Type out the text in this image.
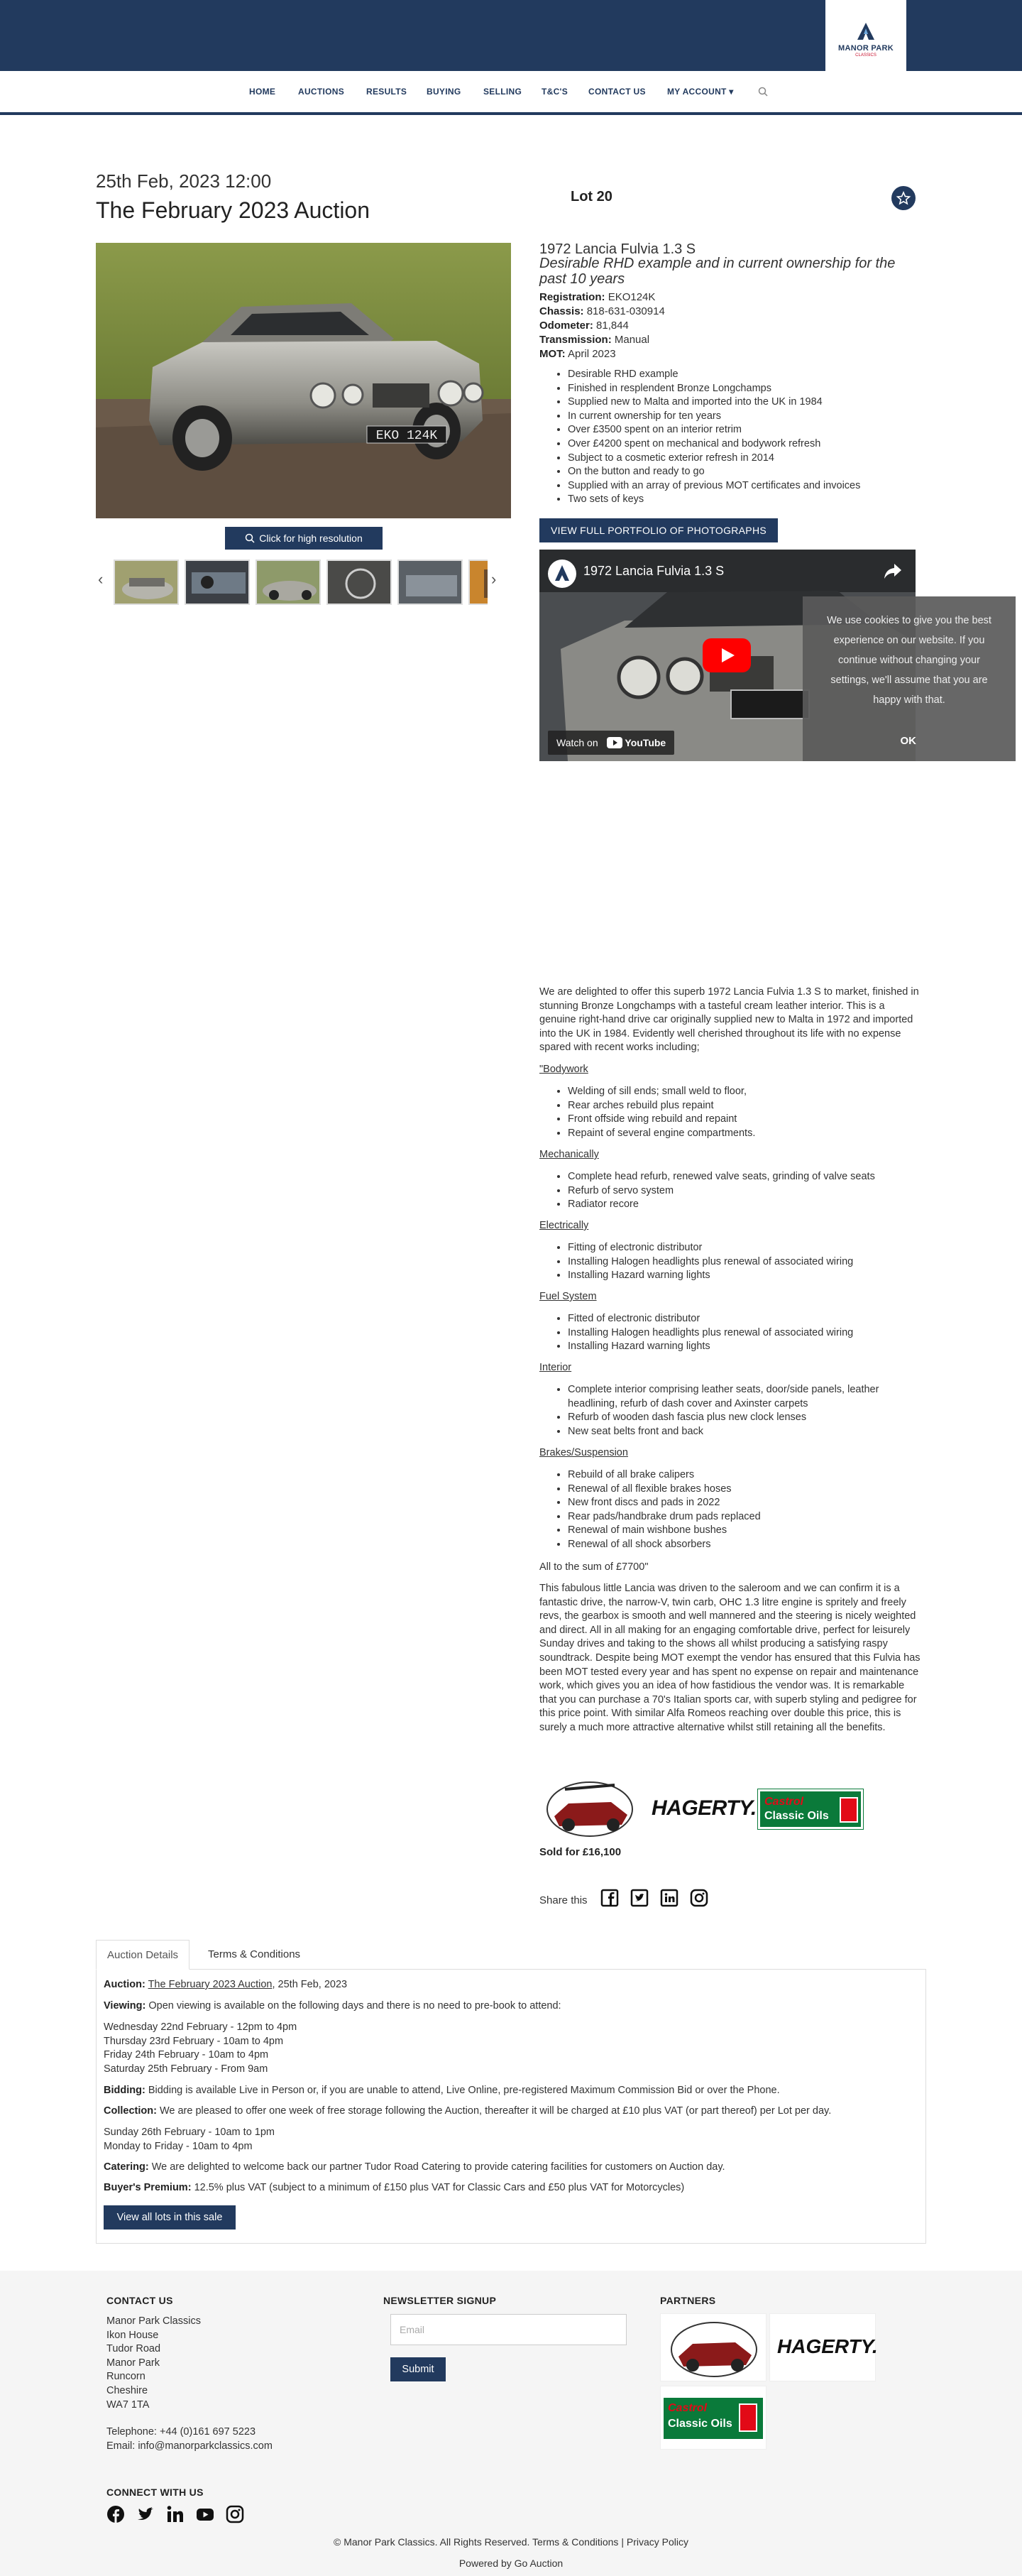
MANOR PARK
CLASSICS
HOME	AUCTIONS	RESULTS BUYING	SELLING T&C'S CONTACT US	MY ACCOUNT ▾
25th Feb, 2023 12:00
The February 2023 Auction
Lot 20
EKO 124K
Click for high resolution
‹	›
1972 Lancia Fulvia 1.3 S
Desirable RHD example and in current ownership for the past 10 years
Registration: EKO124K
Chassis: 818-631-030914
Odometer: 81,844
Transmission: Manual
MOT: April 2023
• Desirable RHD example
• Finished in resplendent Bronze Longchamps
• Supplied new to Malta and imported into the UK in 1984
• In current ownership for ten years
• Over £3500 spent on an interior retrim
• Over £4200 spent on mechanical and bodywork refresh
• Subject to a cosmetic exterior refresh in 2014
• On the button and ready to go
• Supplied with an array of previous MOT certificates and invoices
• Two sets of keys
VIEW FULL PORTFOLIO OF PHOTOGRAPHS
1972 Lancia Fulvia 1.3 S
Watch on	YouTube
We use cookies to give you the best experience on our website. If you continue without changing your settings, we'll assume that you are happy with that.
OK
We are delighted to offer this superb 1972 Lancia Fulvia 1.3 S to market, finished in stunning Bronze Longchamps with a tasteful cream leather interior. This is a genuine right-hand drive car originally supplied new to Malta in 1972 and imported into the UK in 1984. Evidently well cherished throughout its life with no expense spared with recent works including;
"Bodywork
• Welding of sill ends; small weld to floor,
• Rear arches rebuild plus repaint
• Front offside wing rebuild and repaint
• Repaint of several engine compartments.
Mechanically
• Complete head refurb, renewed valve seats, grinding of valve seats
• Refurb of servo system
• Radiator recore
Electrically
• Fitting of electronic distributor
• Installing Halogen headlights plus renewal of associated wiring
• Installing Hazard warning lights
Fuel System
• Fitted of electronic distributor
• Installing Halogen headlights plus renewal of associated wiring
• Installing Hazard warning lights
Interior
• Complete interior comprising leather seats, door/side panels, leather headlining, refurb of dash cover and Axinster carpets
• Refurb of wooden dash fascia plus new clock lenses
• New seat belts front and back
Brakes/Suspension
• Rebuild of all brake calipers
• Renewal of all flexible brakes hoses
• New front discs and pads in 2022
• Rear pads/handbrake drum pads replaced
• Renewal of main wishbone bushes
• Renewal of all shock absorbers
All to the sum of £7700"
This fabulous little Lancia was driven to the saleroom and we can confirm it is a fantastic drive, the narrow-V, twin carb, OHC 1.3 litre engine is spritely and freely revs, the gearbox is smooth and well mannered and the steering is nicely weighted and direct. All in all making for an engaging comfortable drive, perfect for leisurely Sunday drives and taking to the shows all whilst producing a satisfying raspy soundtrack. Despite being MOT exempt the vendor has ensured that this Fulvia has been MOT tested every year and has spent no expense on repair and maintenance work, which gives you an idea of how fastidious the vendor was. It is remarkable that you can purchase a 70's Italian sports car, with superb styling and pedigree for this price point. With similar Alfa Romeos reaching over double this price, this is surely a much more attractive alternative whilst still retaining all the benefits.
HAGERTY. Castrol
Classic Oils
Sold for £16,100
Share this
Auction Details	Terms & Conditions
Auction: The February 2023 Auction, 25th Feb, 2023
Viewing: Open viewing is available on the following days and there is no need to pre-book to attend:
Wednesday 22nd February - 12pm to 4pm
Thursday 23rd February - 10am to 4pm
Friday 24th February - 10am to 4pm
Saturday 25th February - From 9am
Bidding: Bidding is available Live in Person or, if you are unable to attend, Live Online, pre-registered Maximum Commission Bid or over the Phone.
Collection: We are pleased to offer one week of free storage following the Auction, thereafter it will be charged at £10 plus VAT (or part thereof) per Lot per day.
Sunday 26th February - 10am to 1pm
Monday to Friday - 10am to 4pm
Catering: We are delighted to welcome back our partner Tudor Road Catering to provide catering facilities for customers on Auction day.
Buyer's Premium: 12.5% plus VAT (subject to a minimum of £150 plus VAT for Classic Cars and £50 plus VAT for Motorcycles)
View all lots in this sale
CONTACT US
Manor Park Classics
Ikon House
Tudor Road
Manor Park
Runcorn
Cheshire
WA7 1TA
Telephone: +44 (0)161 697 5223
Email: info@manorparkclassics.com
NEWSLETTER SIGNUP
Email
Submit
PARTNERS
HAGERTY.
Castrol
Classic Oils
CONNECT WITH US
© Manor Park Classics. All Rights Reserved. Terms & Conditions | Privacy Policy
Powered by Go Auction
